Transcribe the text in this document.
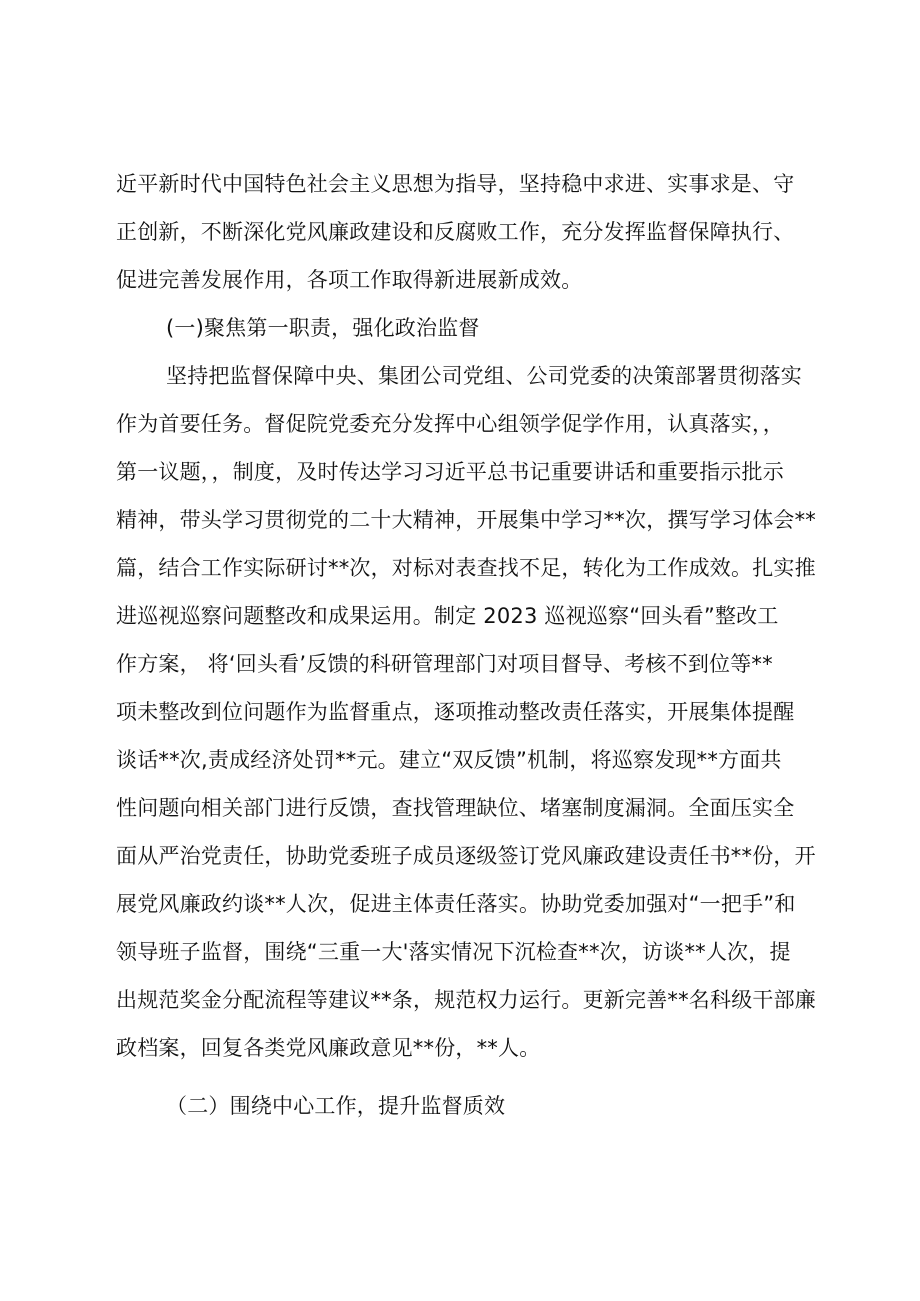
近平新时代中国特色社会主义思想为指导，坚持稳中求进、实事求是、守
正创新，不断深化党风廉政建设和反腐败工作，充分发挥监督保障执行、
促进完善发展作用，各项工作取得新进展新成效。
(一)聚焦第一职责，强化政治监督
坚持把监督保障中央、集团公司党组、公司党委的决策部署贯彻落实
作为首要任务。督促院党委充分发挥中心组领学促学作用，认真落实，，
第一议题，，制度，及时传达学习习近平总书记重要讲话和重要指示批示
精神，带头学习贯彻党的二十大精神，开展集中学习**次，撰写学习体会**
篇，结合工作实际研讨**次，对标对表查找不足，转化为工作成效。扎实推
进巡视巡察问题整改和成果运用。制定 2023 巡视巡察“回头看”整改工
作方案， 将‘回头看’反馈的科研管理部门对项目督导、考核不到位等**
项未整改到位问题作为监督重点，逐项推动整改责任落实，开展集体提醒
谈话**次,责成经济处罚**元。建立“双反馈”机制，将巡察发现**方面共
性问题向相关部门进行反馈，查找管理缺位、堵塞制度漏洞。全面压实全
面从严治党责任，协助党委班子成员逐级签订党风廉政建设责任书**份，开
展党风廉政约谈**人次，促进主体责任落实。协助党委加强对“一把手”和
领导班子监督，围绕“三重一大'落实情况下沉检查**次，访谈**人次，提
出规范奖金分配流程等建议**条，规范权力运行。更新完善**名科级干部廉
政档案，回复各类党风廉政意见**份，**人。
（二）围绕中心工作，提升监督质效
